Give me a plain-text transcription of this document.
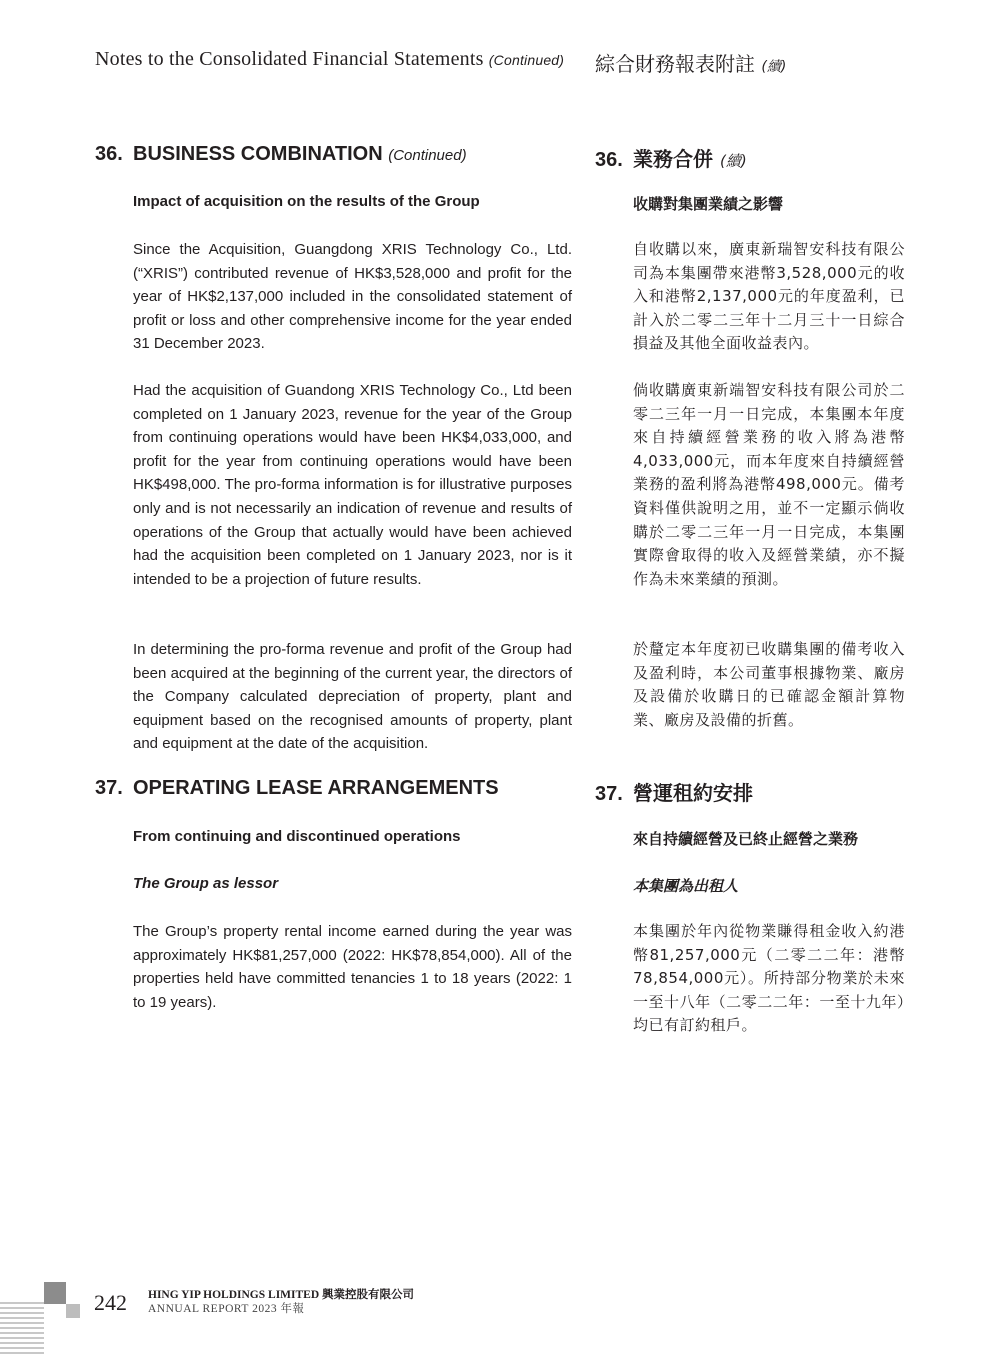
Notes to the Consolidated Financial Statements (Continued) 綜合財務報表附註 (續)
36. BUSINESS COMBINATION (Continued)	36. 業務合併 (續)
Impact of acquisition on the results of the Group	收購對集團業績之影響

Since the Acquisition, Guangdong XRIS Technology Co., Ltd. (“XRIS”) contributed revenue of HK$3,528,000 and profit for the year of HK$2,137,000 included in the consolidated statement of profit or loss and other comprehensive income for the year ended 31 December 2023.

自收購以來，廣東新瑞智安科技有限公司為本集團帶來港幣3,528,000元的收入和港幣2,137,000元的年度盈利，已計入於二零二三年十二月三十一日綜合損益及其他全面收益表內。

Had the acquisition of Guandong XRIS Technology Co., Ltd been completed on 1 January 2023, revenue for the year of the Group from continuing operations would have been HK$4,033,000, and profit for the year from continuing operations would have been HK$498,000. The pro-forma information is for illustrative purposes only and is not necessarily an indication of revenue and results of operations of the Group that actually would have been achieved had the acquisition been completed on 1 January 2023, nor is it intended to be a projection of future results.

倘收購廣東新端智安科技有限公司於二零二三年一月一日完成，本集團本年度來自持續經營業務的收入將為港幣4,033,000元，而本年度來自持續經營業務的盈利將為港幣498,000元。備考資料僅供說明之用，並不一定顯示倘收購於二零二三年一月一日完成，本集團實際會取得的收入及經營業績，亦不擬作為未來業績的預測。

In determining the pro-forma revenue and profit of the Group had been acquired at the beginning of the current year, the directors of the Company calculated depreciation of property, plant and equipment based on the recognised amounts of property, plant and equipment at the date of the acquisition.

於釐定本年度初已收購集團的備考收入及盈利時，本公司董事根據物業、廠房及設備於收購日的已確認金額計算物業、廠房及設備的折舊。

37. OPERATING LEASE ARRANGEMENTS	37. 營運租約安排
From continuing and discontinued operations	來自持續經營及已終止經營之業務
The Group as lessor	本集團為出租人

The Group’s property rental income earned during the year was approximately HK$81,257,000 (2022: HK$78,854,000). All of the properties held have committed tenancies 1 to 18 years (2022: 1 to 19 years).

本集團於年內從物業賺得租金收入約港幣81,257,000元（二零二二年：港幣78,854,000元）。所持部分物業於未來一至十八年（二零二二年：一至十九年）均已有訂約租戶。

242 HING YIP HOLDINGS LIMITED 興業控股有限公司
ANNUAL REPORT 2023 年報
